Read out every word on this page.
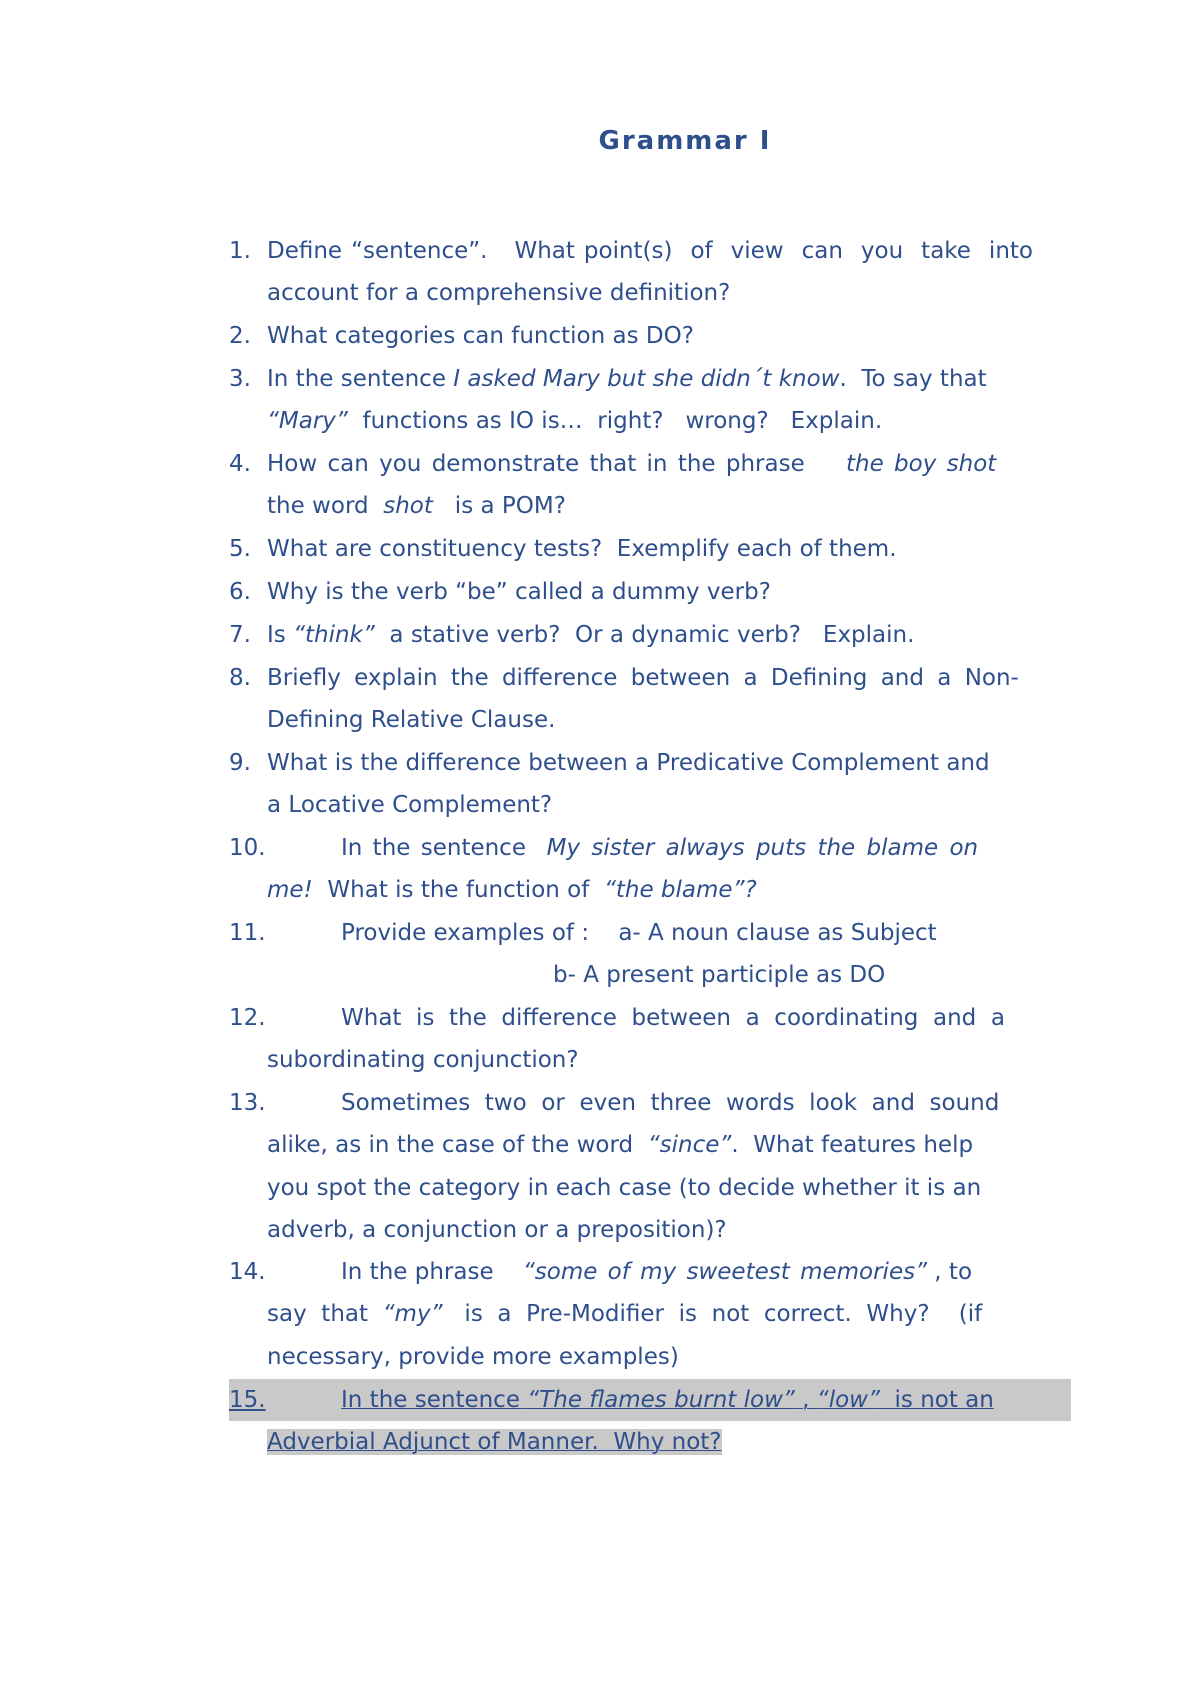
Grammar I
1. Define “sentence”.   What point(s)  of  view  can  you  take  into
account for a comprehensive definition?
2. What categories can function as DO?
3. In the sentence I asked Mary but she didn´t know.  To say that
“Mary”  functions as IO is…  right?   wrong?   Explain.
4. How can you demonstrate that in the phrase    the boy shot
the word  shot   is a POM?
5. What are constituency tests?  Exemplify each of them.
6. Why is the verb “be” called a dummy verb?
7. Is “think”  a stative verb?  Or a dynamic verb?   Explain.
8. Briefly explain the difference between a Defining and a Non-
Defining Relative Clause.
9. What is the difference between a Predicative Complement and
a Locative Complement?
10.	In the sentence  My sister always puts the blame on
me!  What is the function of  “the blame”?
11.	Provide examples of :    a- A noun clause as Subject
b- A present participle as DO
12.	What  is  the  difference  between  a  coordinating  and  a
subordinating conjunction?
13.	Sometimes  two  or  even  three  words  look  and  sound
alike, as in the case of the word  “since”.  What features help
you spot the category in each case (to decide whether it is an
adverb, a conjunction or a preposition)?
14.	In the phrase    “some of my sweetest memories” , to
say  that  “my”   is  a  Pre-Modifier  is  not  correct.  Why?    (if
necessary, provide more examples)
15.	In the sentence “The flames burnt low” , “low”  is not an
Adverbial Adjunct of Manner.  Why not?
